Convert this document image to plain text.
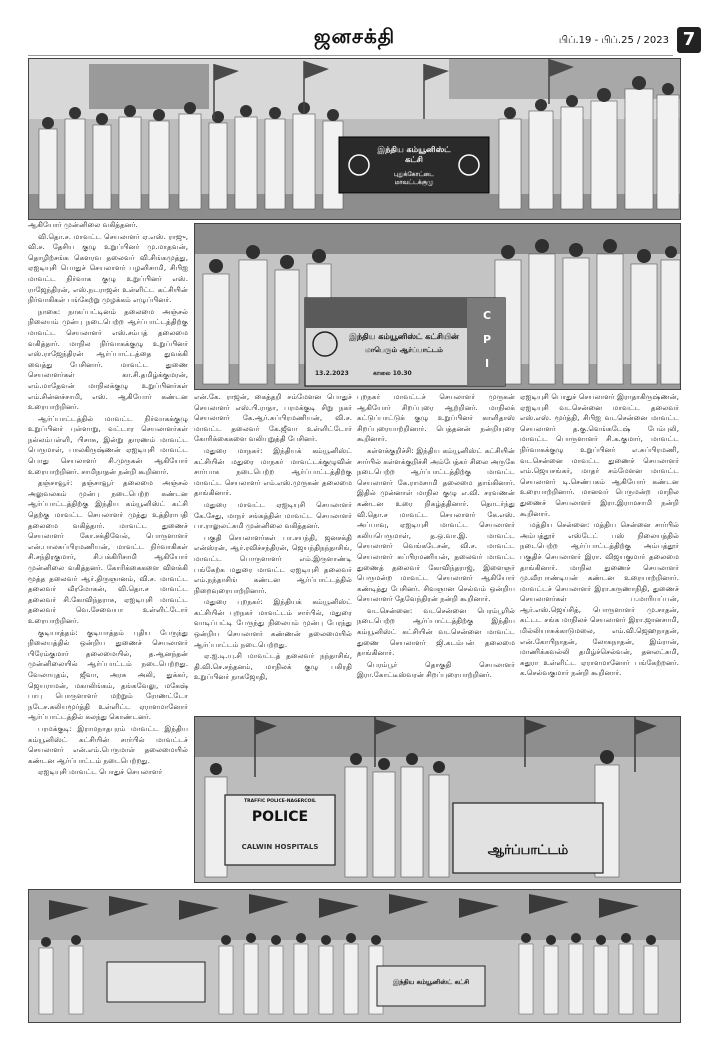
ஜனசக்தி	பிப்.19 - பிப்.25 / 2023 7
இந்திய கம்யூனிஸ்ட் கட்சி
புதுக்கோட்டை மாவட்டக்குழு
இந்திய கம்யூனிஸ்ட் கட்சியின்
மாபெரும் ஆர்ப்பாட்டம்
13.2.2023	காலை 10.30
C
P
I

ஆகியோர் முன்னிலை வகித்தனர்.

வி.தொ.ச. மாவட்ட செயலாளர் ஏ.எஸ். ராஜு, வி.ச. தேசிய குழு உறுப்பினர் மு.மாதவன், தொழிற்சங்க கௌரவ தலைவர் வி.சிங்கமுத்து, ஏஐடியுசி பொதுச் செயலாளர் பழனிசாமி, சிபிஐ மாவட்ட நிர்வாக குழு உறுப்பினர் எஸ். ராஜேந்திரன், எஸ்.நடராஜன் உள்ளிட்ட கட்சியின் நிர்வாகிகள் பங்கேற்று முழக்கம் எழுப்பினர்.

நாகை: நாகப்பட்டினம் தலைமை அஞ்சல் நிலையம் முன்பு நடைபெற்ற ஆர்ப்பாட்டத்திற்கு மாவட்ட செயலாளர் எஸ்.சம்பத் தலைமை வகித்தார். மாநில நிர்வாகக்குழு உறுப்பினர் எஸ்.ராஜேந்திரன் ஆர்ப்பாட்டத்தை துவக்கி வைத்து பேசினார். மாவட்ட துணை செயலாளர்கள் கா.சி.தமிழ்க்குமரன், எம்.மாதேவன் மாநிலக்குழு உறுப்பினர்கள் எம்.சின்னச்சாமி, எஸ். ஆகியோர் கண்டன உரையாற்றினர்.

ஆர்ப்பாட்டத்தில் மாவட்ட நிர்வாகக்குழு உறுப்பினர் புள்ளாறு, வட்டார செயலாளர்கள் நல்லம்பள்ளி, பிசாசு, இன்று தாரணம் மாவட்ட பெருமாள், பாலகிருஷ்ணன் ஏஐடியுசி மாவட்ட பொது செயலாளர் சி.முருகன் ஆகியோர் உரையாற்றினர். சாமிநாதன் நன்றி கூறினார்.

தஞ்சாவூர்: தஞ்சாவூர் தலைமை அஞ்சல் அலுவலகம் முன்பு நடைபெற்ற கண்டன ஆர்ப்பாட்டத்திற்கு இந்திய கம்யூனிஸ்ட் கட்சி தெற்கு மாவட்ட செயலாளர் முத்து உத்திராபதி தலைமை வகித்தார். மாவட்ட துணைச் செயலாளர் கோ.சக்திவேல், பொருளாளர் என்.பாலசுப்பிரமணியன், மாவட்ட நிர்வாகிகள் சி.சந்திரகுமார், சி.பக்கிரிசாமி ஆகியோர் முன்னிலை வகித்தனர். கோரிக்கைகளை விளக்கி மூத்த தலைவர் ஆர்.திருஞானம், வி.ச. மாவட்ட தலைவர் வீரமோகன், வி.தொ.ச மாவட்ட தலைவர் சி.கோவிந்தராசு, ஏஐடியுசி மாவட்ட தலைவர் வெ.சேவையா உள்ளிட்டோர் உரையாற்றினர்.

குடியாத்தம்: குடியாத்தம் புதிய பேருந்து நிலையத்தில் ஒன்றிய துணைச் செயலாளர் பிரேம்குமார் தலைமையில், த.ஆனந்தன் முன்னிலையில் ஆர்ப்பாட்டம் நடைபெற்றது. வேலாயுதம், ஜீவா, அரசு அலி, துக்கர், ஜெயராமன், மகாலிங்கம், தங்கவேலு, மகேஷ் பாபு பொருளாளர் மற்றும் ரோணட்டோ நடேச.கலியமூர்த்தி உள்ளிட்ட ஏராளமானோர் ஆர்ப்பாட்டத்தில் கலந்து கொண்டனர்.

பரமக்குடி: இராமநாதபுரம் மாவட்ட இந்திய கம்யூனிஸ்ட் கட்சியின் சார்பில் மாவட்டச் செயலாளர் என்.எம்.பெருமாள் தலைமையில் கண்டன ஆர்ப்பாட்டம் நடைபெற்றது.

ஏஐடியுசி மாவட்ட பொதுச் செயலாளர்

என்.கே. ராஜன், கைத்தறி சம்மேளன பொதுச் செயலாளர் எஸ்.பி.ராதா, பரமக்குடி சிறு நகர் செயலாளர் கே.ஆர்.சுப்பிரமணியன், வி.ச. மாவட்ட தலைவர் கே.ஜீவா உள்ளிட்டோர் கோரிக்கைகளை வலியுறுத்தி பேசினர்.

மதுரை மாநகர்: இந்தியக் கம்யூனிஸ்ட் கட்சியின் மதுரை மாநகர் மாவட்டக்குழுவின் சார்பாக நடைபெற்ற ஆர்ப்பாட்டத்திற்கு மாவட்ட செயலாளர் எம்.எஸ்.முருகன் தலைமை தாங்கினார்.

மதுரை மாவட்ட ஏஐடியுசி செயலாளர் கே.சேது, மாநர் சங்கத்தின் மாவட்ட செயலாளர் பா.ராலுலட்சுமி முன்னிலை வகித்தனர்.

பகுதி செயலாளர்கள் பா.சயந்தி, ஜனசக்தி என்ஸ்ரன், ஆர்.ரவிச்சந்திரன், ஜெயந்திநந்தாசிங், மாவட்ட பொருளாளர் எம்.இருளாண்டி பங்கேற்க மதுரை மாவட்ட ஏஐடியுசி தலைவர் எம்.நந்தாசிங் கண்டன ஆர்ப்பாட்டத்தில் நிறைவுரையாற்றினார்.

மதுரை புறநகர்: இந்தியக் கம்யூனிஸ்ட் கட்சியின் புறநகர் மாவட்டம் சார்பில், மதுரை வாடிப்பட்டி பேருந்து நிலையம் முன்பு பேரந்து ஒன்றிய செயலாளர் கண்ணன் தலைமையில் ஆர்ப்பாட்டம் நடைபெற்றது.

ஏ.ஐ.டி.யு.சி மாவட்டத் தலைவர் நந்தாசிங், தி.வி.செ.சந்தனம், மாநிலக் குழு பகிரதி உறுப்பினர் நாகஜோதி,

புறநகர் மாவட்டச் செயலாளர் முருகன் ஆகியோர் சிறப்புரை ஆற்றினர். மாநிலக் கட்டுப்பாட்டுக் குழு உறுப்பினர் காளிதாஸ் சிறப்புரையாற்றினார். பெத்தனன் நன்றியுரை கூறினார்.

கள்ளக்குறிச்சி: இந்திய கம்யூனிஸ்ட் கட்சியின் சார்பில் கள்ளக்குறிச்சி அம்பேத்கர் சிலை அருகே நடைபெற்ற ஆர்ப்பாட்டத்திற்கு மாவட்ட செயலாளர் கே.ராமசாமி தலைமை தாங்கினார். இதில் முன்னாள் மாநில குழு எ.வி. சரவணன் கண்டன உரை நிகழ்த்தினார். தொடர்ந்து வி.தொ.ச மாவட்ட செயலாளர் கே.எஸ். அப்பாவு, ஏஐடியுசி மாவட்ட செயலாளர் கலியபெருமாள், த.ஒ.வா.இ. மாவட்ட செயலாளர் வெங்கடேசன், வி.ச. மாவட்ட செயலாளர் சுப்பிரமணியன், தலைவர் மாவட்ட துணைத் தலைவர் கோவிந்தராஜ், இளைஞர் பெருமன்ற மாவட்ட செயலாளர் ஆகியோர் கண்டித்து பேசினர். சிவஞான செல்வம் ஒன்றிய செயலாளர் தேவேந்திரன் நன்றி கூறினார்.

வடசென்னை: வடசென்னை பெரம்பூரில் நடைபெற்ற ஆர்ப்பாட்டத்திற்கு இந்திய கம்யூனிஸ்ட் கட்சியின் வடசென்னை மாவட்ட துணை செயலாளர் ஜி.கடம்பன் தலைமை தாங்கினார்.

பெரம்பூர் தொகுதி செயலாளர் இரா.கோட்டீஸ்வரன் சிறப்புரையாற்றினர்.

ஏஐடியுசி பொதுச் செயலாளர் இராதாகிருஷ்ணன், ஏஐடியுசி வடசென்னை மாவட்ட தலைவர் எஸ்.எஸ். மூர்த்தி, சிபிஐ வடசென்னை மாவட்ட செயலாளர் த.கு.வெங்கடேஷ் பேம்புலி, மாவட்ட பொருளாளர் சி.க.குமார், மாவட்ட நிர்வாகக்குழு உறுப்பினர் எ.சுப்பிரமணி, வடசென்னை மாவட்ட துணைச் செயலாளர் எம்.ஜெயசங்கர், மாதர் சம்மேளன மாவட்ட செயலாளர் டி.செண்பகம் ஆகியோர் கண்டன உரையாற்றினார். மானவர் பெருமன்ற மாநில துணைச் செயலாளர் இரா.இராமசாமி நன்றி கூறினார்.

மத்திய சென்னை: மத்திய சென்னை சார்பில் அம்பத்தூர் எஸ்டேட் பஸ் நிலையத்தில் நடைபெற்ற ஆர்ப்பாட்டத்திற்கு அம்பத்தூர் பகுதிச் செயலாளர் இரா. விஜயகுமார் தலைமை தாங்கினார். மாநில துணைச் செயலாளர் மு.வீரபாண்டியன் கண்டன உரையாற்றினார். மாவட்டச் செயலாளர் இரா.கருணாநிதி, துணைச் செயலாளர்கள் ப.மாரியப்பன், ஆர்.எஸ்.ஜெய்சித், பொருளாளர் மு.சாதன், கட்டட சங்க மாநிலச் செயலாளர் இரா.ஜானசாமி, மில்லியாசுக்காடுமலை, எம்.வி.ஜெஹநாதன், என்.கோபிநாதன், லோகநாதன், இம்ரான், மாணிக்கவல்லி தமிழ்ச்செல்வன், தனலட்சுமி, சுதுரா உள்ளிட்ட ஏராளமானோர் பங்கேற்றனர். க.செல்வகுமார் நன்றி கூறினார்.

TRAFFIC POLICE-NAGERCOIL
POLICE
CALWIN HOSPITALS	ஆர்ப்பாட்டம்
இந்திய கம்யூனிஸ்ட் கட்சி
